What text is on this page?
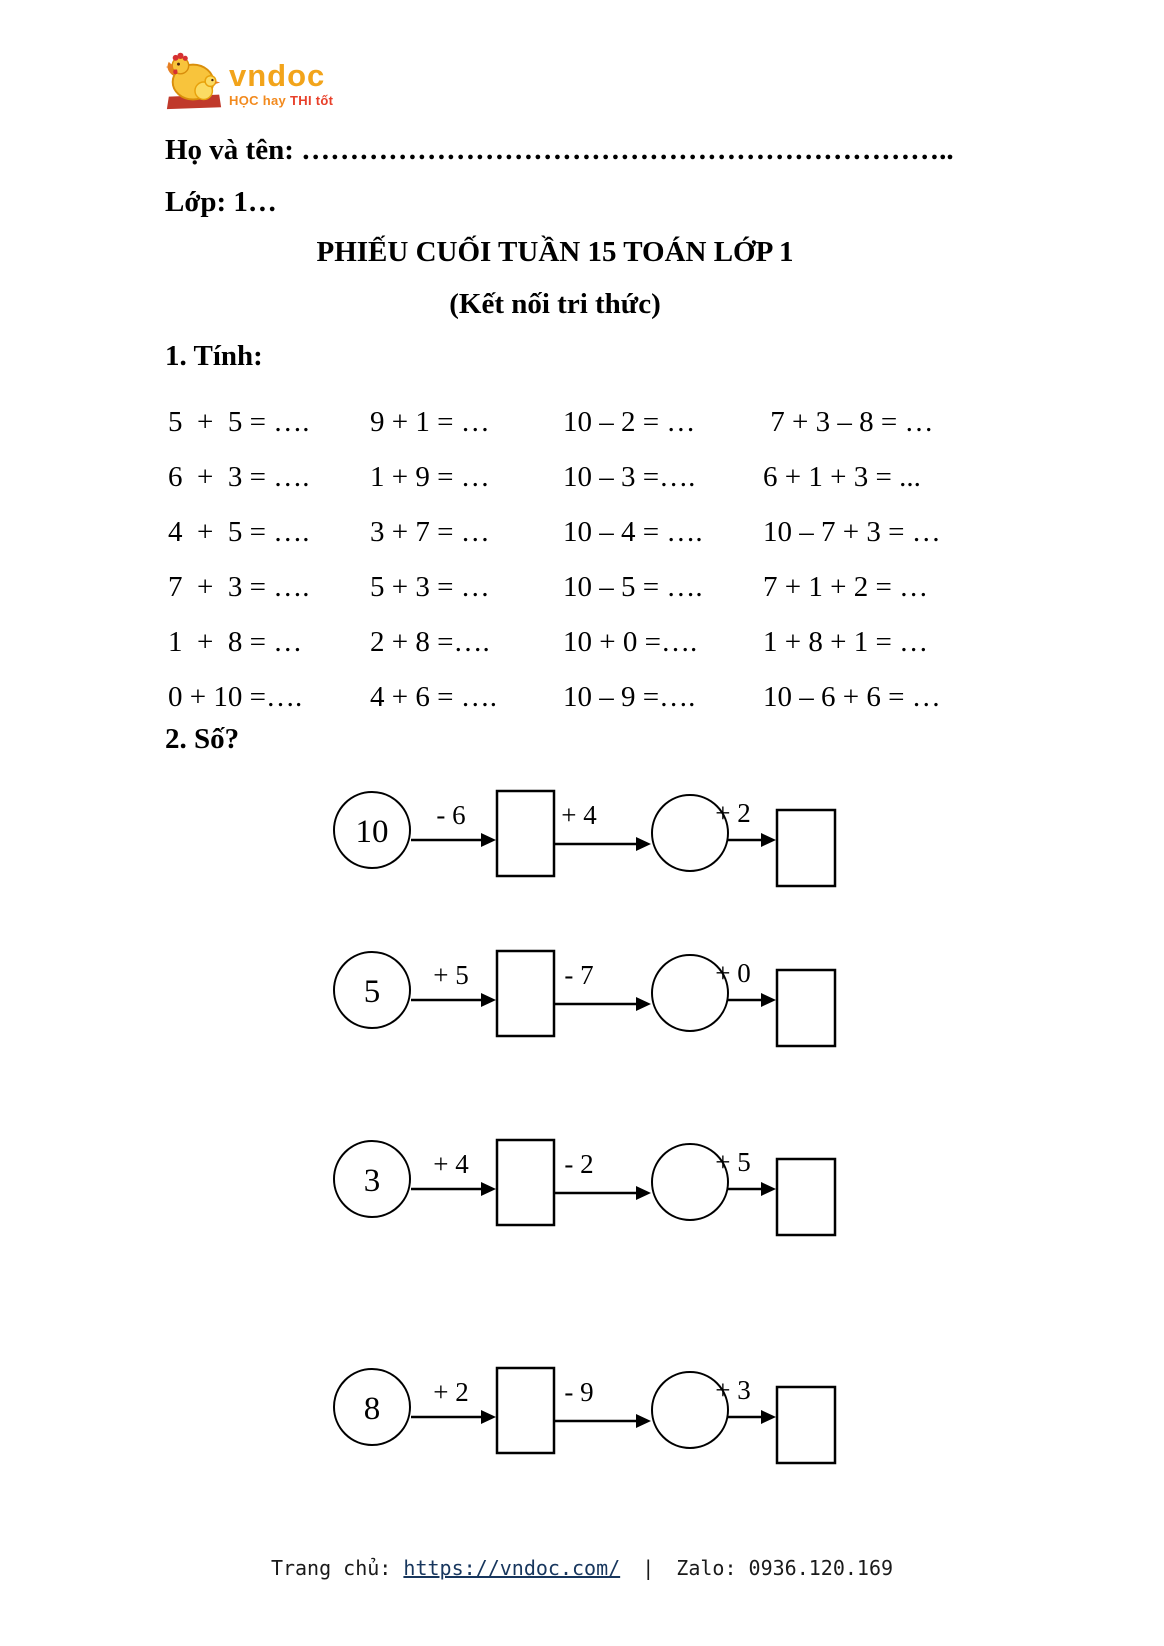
vndoc
HỌC hay THI tốt
Họ và tên: …………………………………………………………..
Lớp: 1…
PHIẾU CUỐI TUẦN 15 TOÁN LỚP 1
(Kết nối tri thức)
1. Tính:
5  +  5 = ….	9 + 1 = …	10 – 2 = …	7 + 3 – 8 = …
6  +  3 = ….	1 + 9 = …	10 – 3 =….	6 + 1 + 3 = ...
4  +  5 = ….	3 + 7 = …	10 – 4 = ….	10 – 7 + 3 = …
7  +  3 = ….	5 + 3 = …	10 – 5 = ….	7 + 1 + 2 = …
1  +  8 = …	2 + 8 =….	10 + 0 =….	1 + 8 + 1 = …
0 + 10 =….	4 + 6 = ….	10 – 9 =….	10 – 6 + 6 = …
2. Số?
10 - 6	+ 4	+ 2
5 + 5	- 7	+ 0
3 + 4	- 2	+ 5
8 + 2	- 9	+ 3
Trang chủ: https://vndoc.com/ | Zalo: 0936.120.169
